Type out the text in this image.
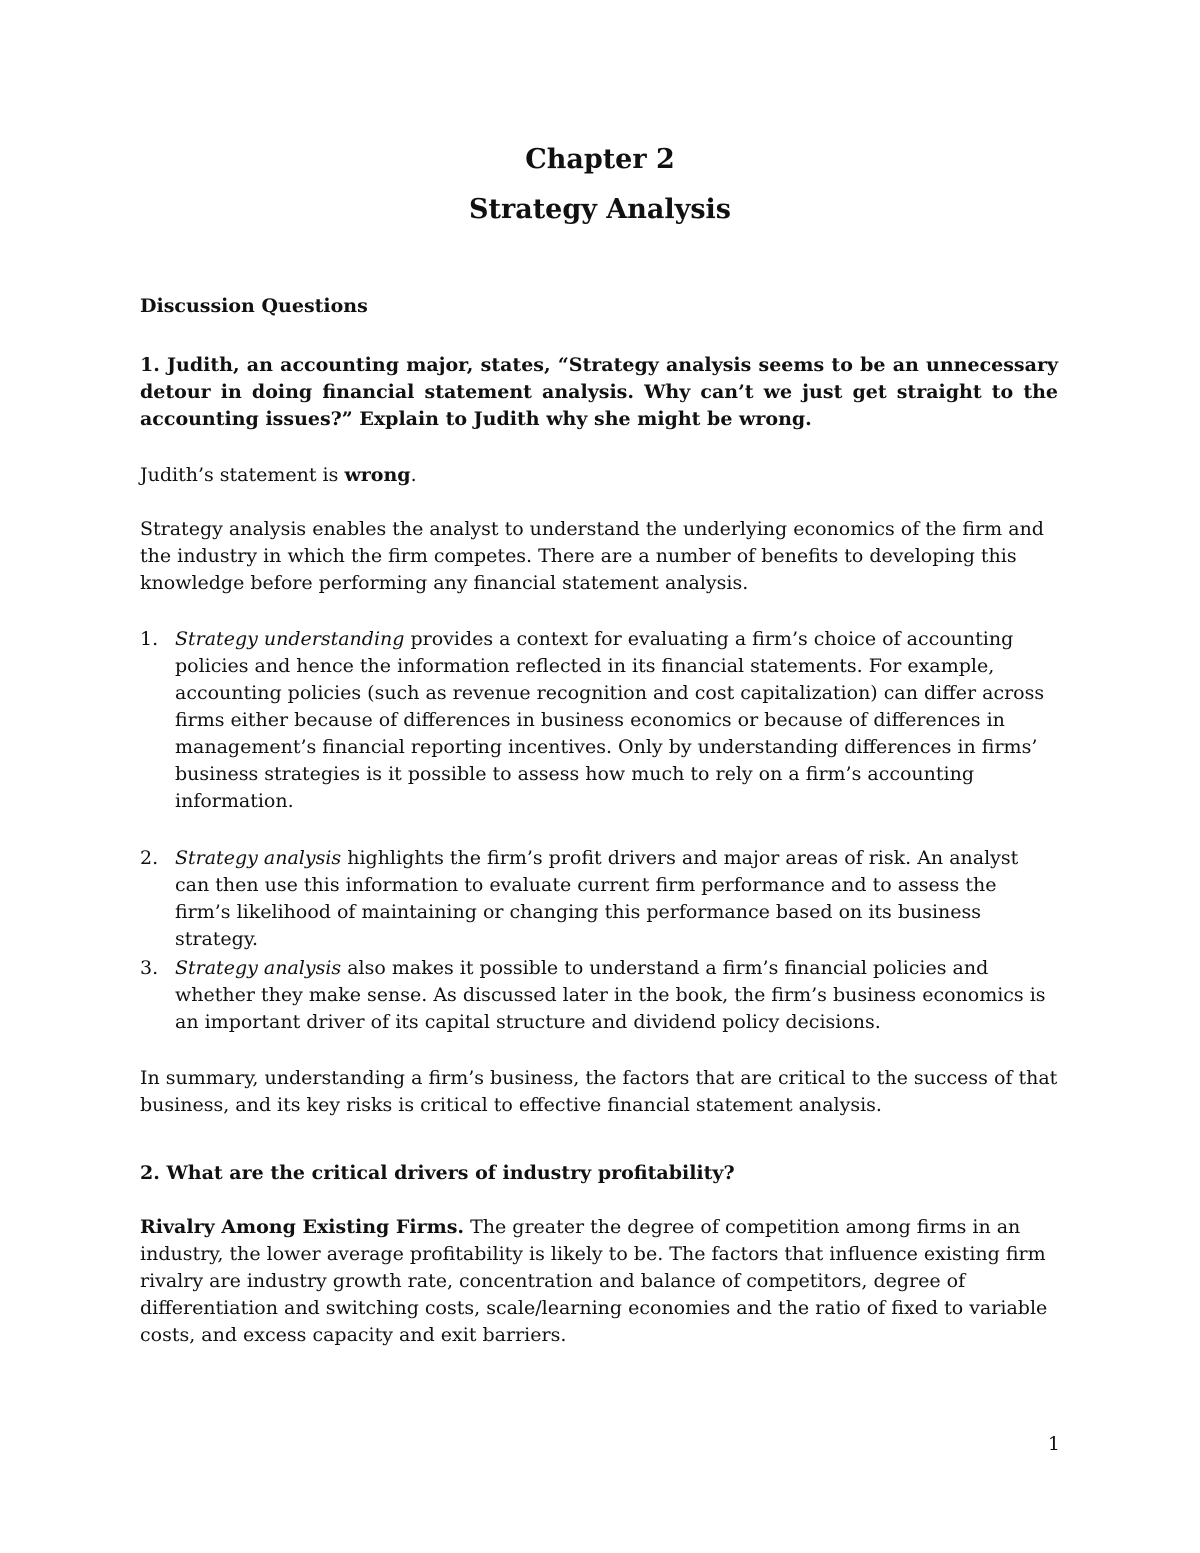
Chapter 2
Strategy Analysis
Discussion Questions
1. Judith, an accounting major, states, “Strategy analysis seems to be an unnecessary detour in doing financial statement analysis. Why can’t we just get straight to the accounting issues?” Explain to Judith why she might be wrong.
Judith’s statement is wrong.
Strategy analysis enables the analyst to understand the underlying economics of the firm and the industry in which the firm competes. There are a number of benefits to developing this knowledge before performing any financial statement analysis.
1. Strategy understanding provides a context for evaluating a firm’s choice of accounting policies and hence the information reflected in its financial statements. For example, accounting policies (such as revenue recognition and cost capitalization) can differ across firms either because of differences in business economics or because of differences in management’s financial reporting incentives. Only by understanding differences in firms’ business strategies is it possible to assess how much to rely on a firm’s accounting information.
2. Strategy analysis highlights the firm’s profit drivers and major areas of risk. An analyst can then use this information to evaluate current firm performance and to assess the firm’s likelihood of maintaining or changing this performance based on its business strategy.
3. Strategy analysis also makes it possible to understand a firm’s financial policies and whether they make sense. As discussed later in the book, the firm’s business economics is an important driver of its capital structure and dividend policy decisions.
In summary, understanding a firm’s business, the factors that are critical to the success of that business, and its key risks is critical to effective financial statement analysis.
2. What are the critical drivers of industry profitability?
Rivalry Among Existing Firms. The greater the degree of competition among firms in an industry, the lower average profitability is likely to be. The factors that influence existing firm rivalry are industry growth rate, concentration and balance of competitors, degree of differentiation and switching costs, scale/learning economies and the ratio of fixed to variable costs, and excess capacity and exit barriers.
1
